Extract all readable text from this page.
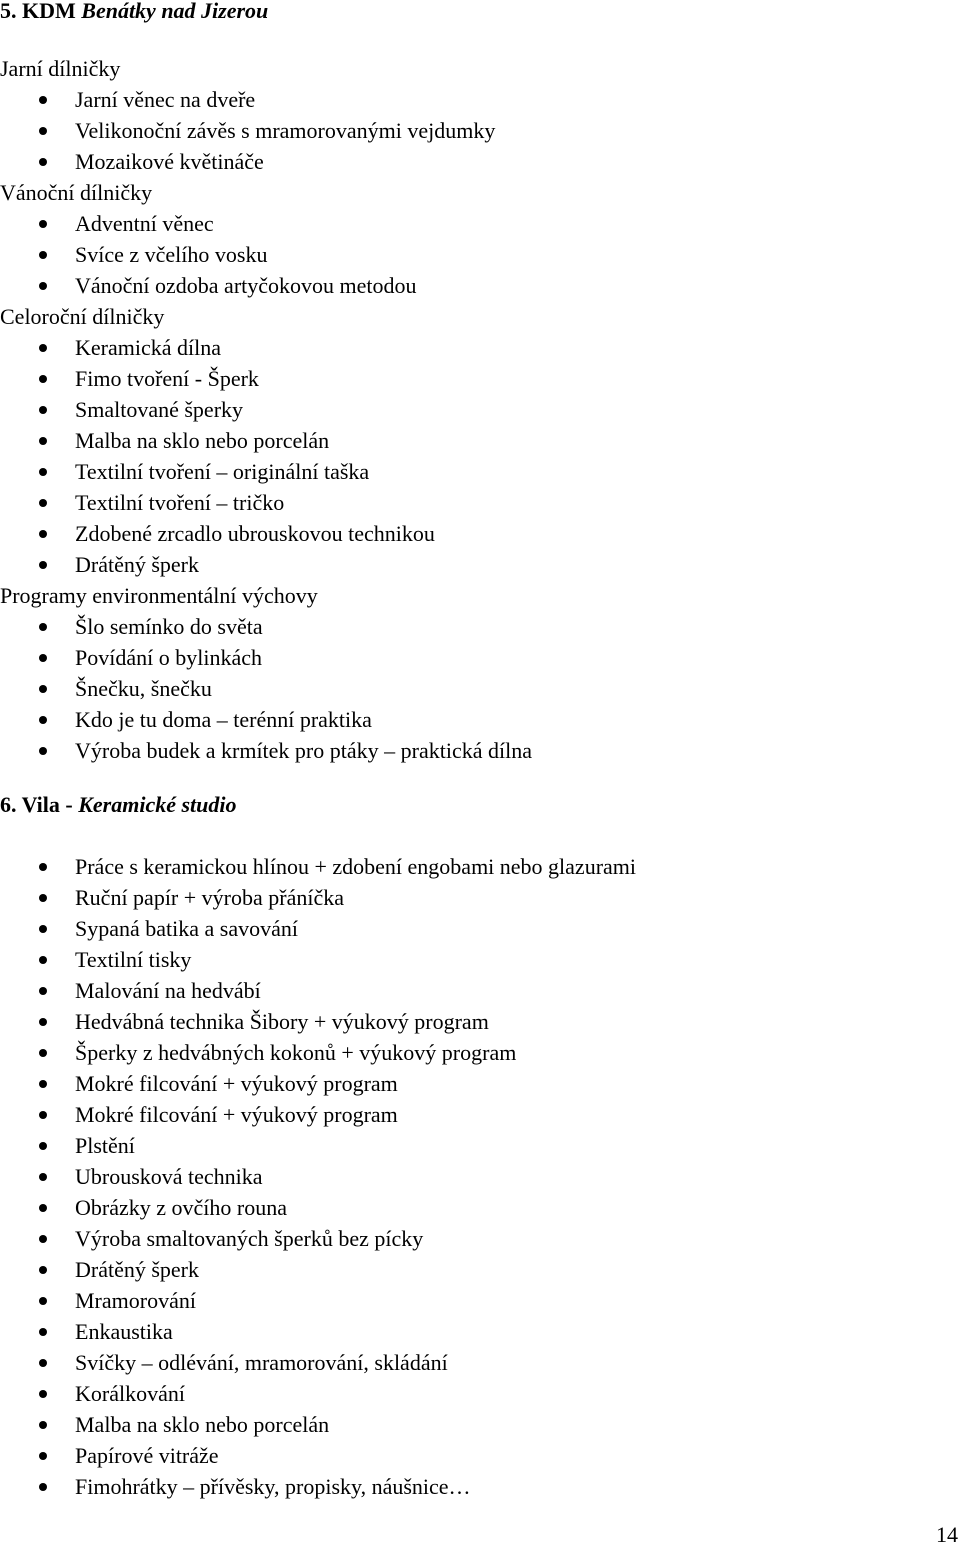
5. KDM Benátky nad Jizerou
Jarní dílničky
Jarní věnec na dveře
Velikonoční závěs s mramorovanými vejdumky
Mozaikové květináče
Vánoční dílničky
Adventní věnec
Svíce z včelího vosku
Vánoční ozdoba artyčokovou metodou
Celoroční dílničky
Keramická dílna
Fimo tvoření - Šperk
Smaltované šperky
Malba na sklo nebo porcelán
Textilní tvoření – originální taška
Textilní tvoření – tričko
Zdobené zrcadlo ubrouskovou technikou
Drátěný šperk
Programy environmentální výchovy
Šlo semínko do světa
Povídání o bylinkách
Šnečku, šnečku
Kdo je tu doma – terénní praktika
Výroba budek a krmítek pro ptáky – praktická dílna
6. Vila - Keramické studio
Práce s keramickou hlínou + zdobení engobami nebo glazurami
Ruční papír + výroba přáníčka
Sypaná batika a savování
Textilní tisky
Malování na hedvábí
Hedvábná technika Šibory + výukový program
Šperky z hedvábných kokonů + výukový program
Mokré filcování + výukový program
Mokré filcování + výukový program
Plstění
Ubrousková technika
Obrázky z ovčího rouna
Výroba smaltovaných šperků bez pícky
Drátěný šperk
Mramorování
Enkaustika
Svíčky – odlévání, mramorování, skládání
Korálkování
Malba na sklo nebo porcelán
Papírové vitráže
Fimohrátky – přívěsky, propisky, náušnice…
14
